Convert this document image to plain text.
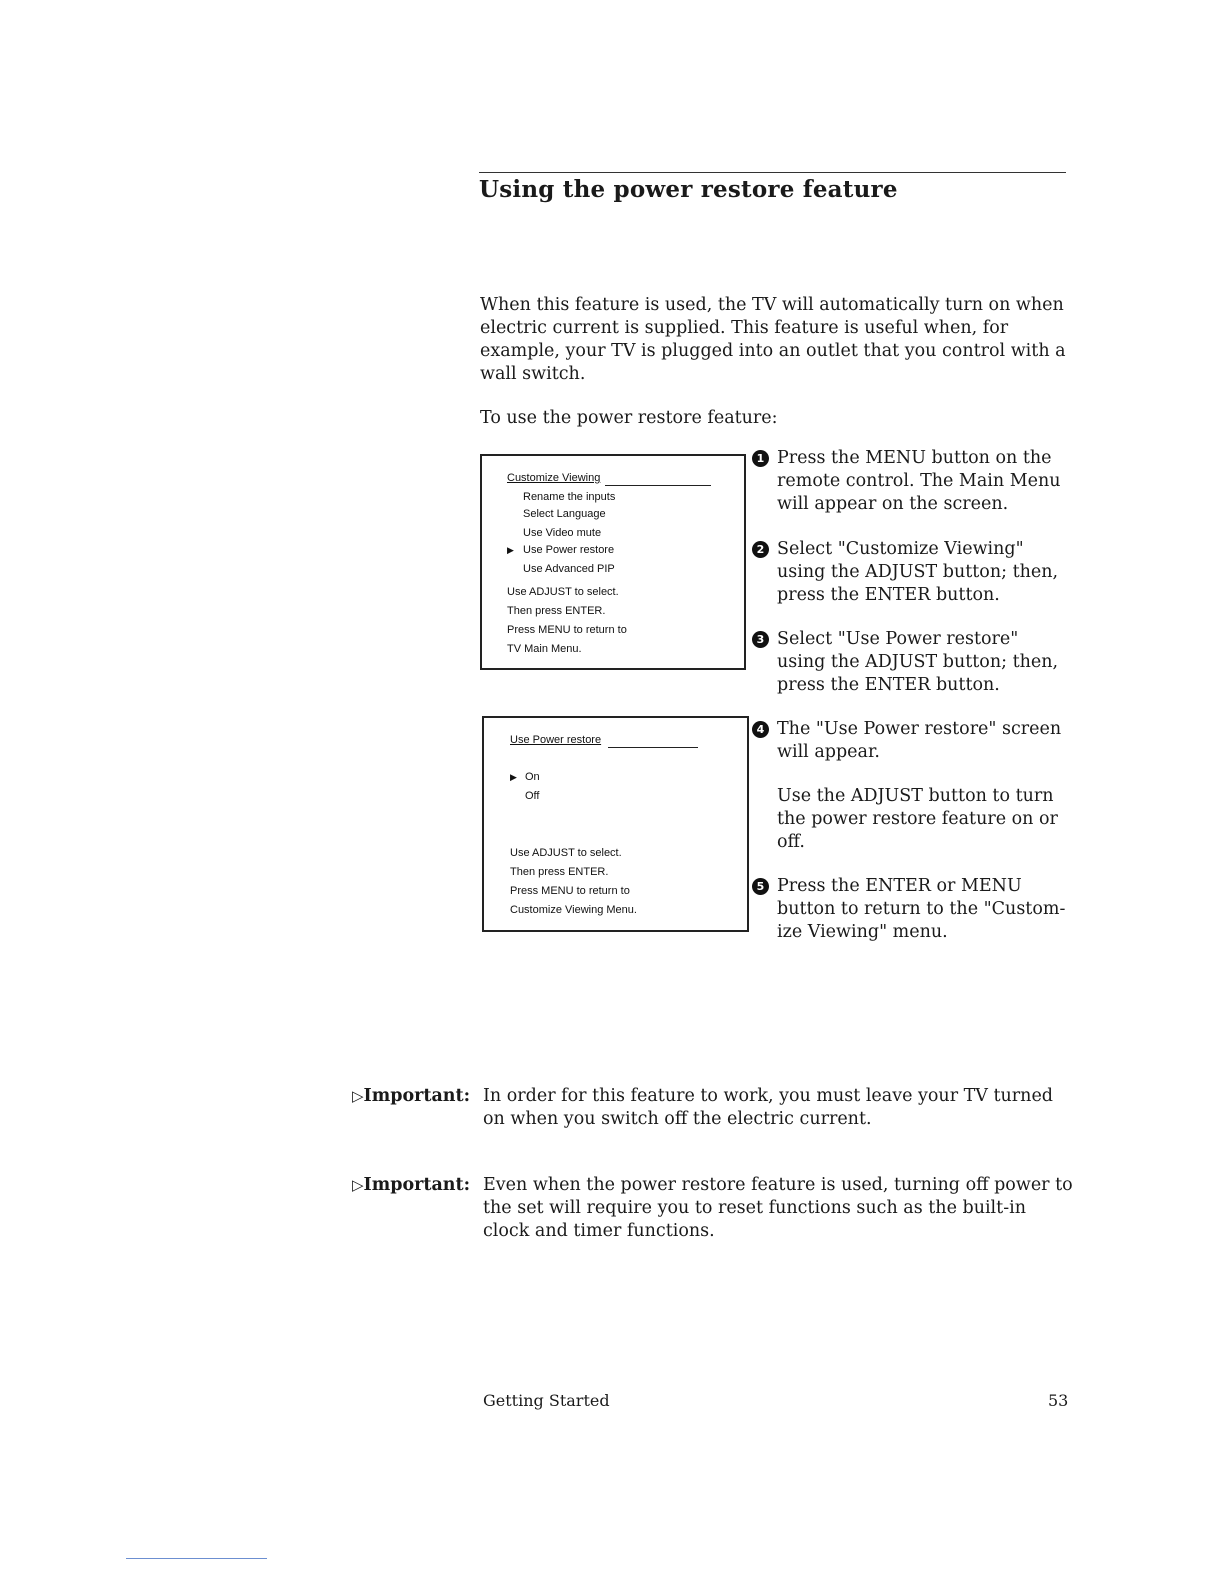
Using the power restore feature
When this feature is used, the TV will automatically turn on when electric current is supplied. This feature is useful when, for example, your TV is plugged into an outlet that you control with a wall switch.
To use the power restore feature:
Customize Viewing
Rename the inputs
Select Language
Use Video mute
▶ Use Power restore
Use Advanced PIP
Use ADJUST to select.
Then press ENTER.
Press MENU to return to
TV Main Menu.
Use Power restore
▶ On
Off
Use ADJUST to select.
Then press ENTER.
Press MENU to return to
Customize Viewing Menu.
1 Press the MENU button on the remote control. The Main Menu will appear on the screen.
2 Select "Customize Viewing" using the ADJUST button; then, press the ENTER button.
3 Select "Use Power restore" using the ADJUST button; then, press the ENTER button.
4 The "Use Power restore" screen will appear.
Use the ADJUST button to turn the power restore feature on or off.
5 Press the ENTER or MENU button to return to the "Custom-ize Viewing" menu.
▷Important: In order for this feature to work, you must leave your TV turned on when you switch off the electric current.
▷Important: Even when the power restore feature is used, turning off power to the set will require you to reset functions such as the built-in clock and timer functions.
Getting Started	53
